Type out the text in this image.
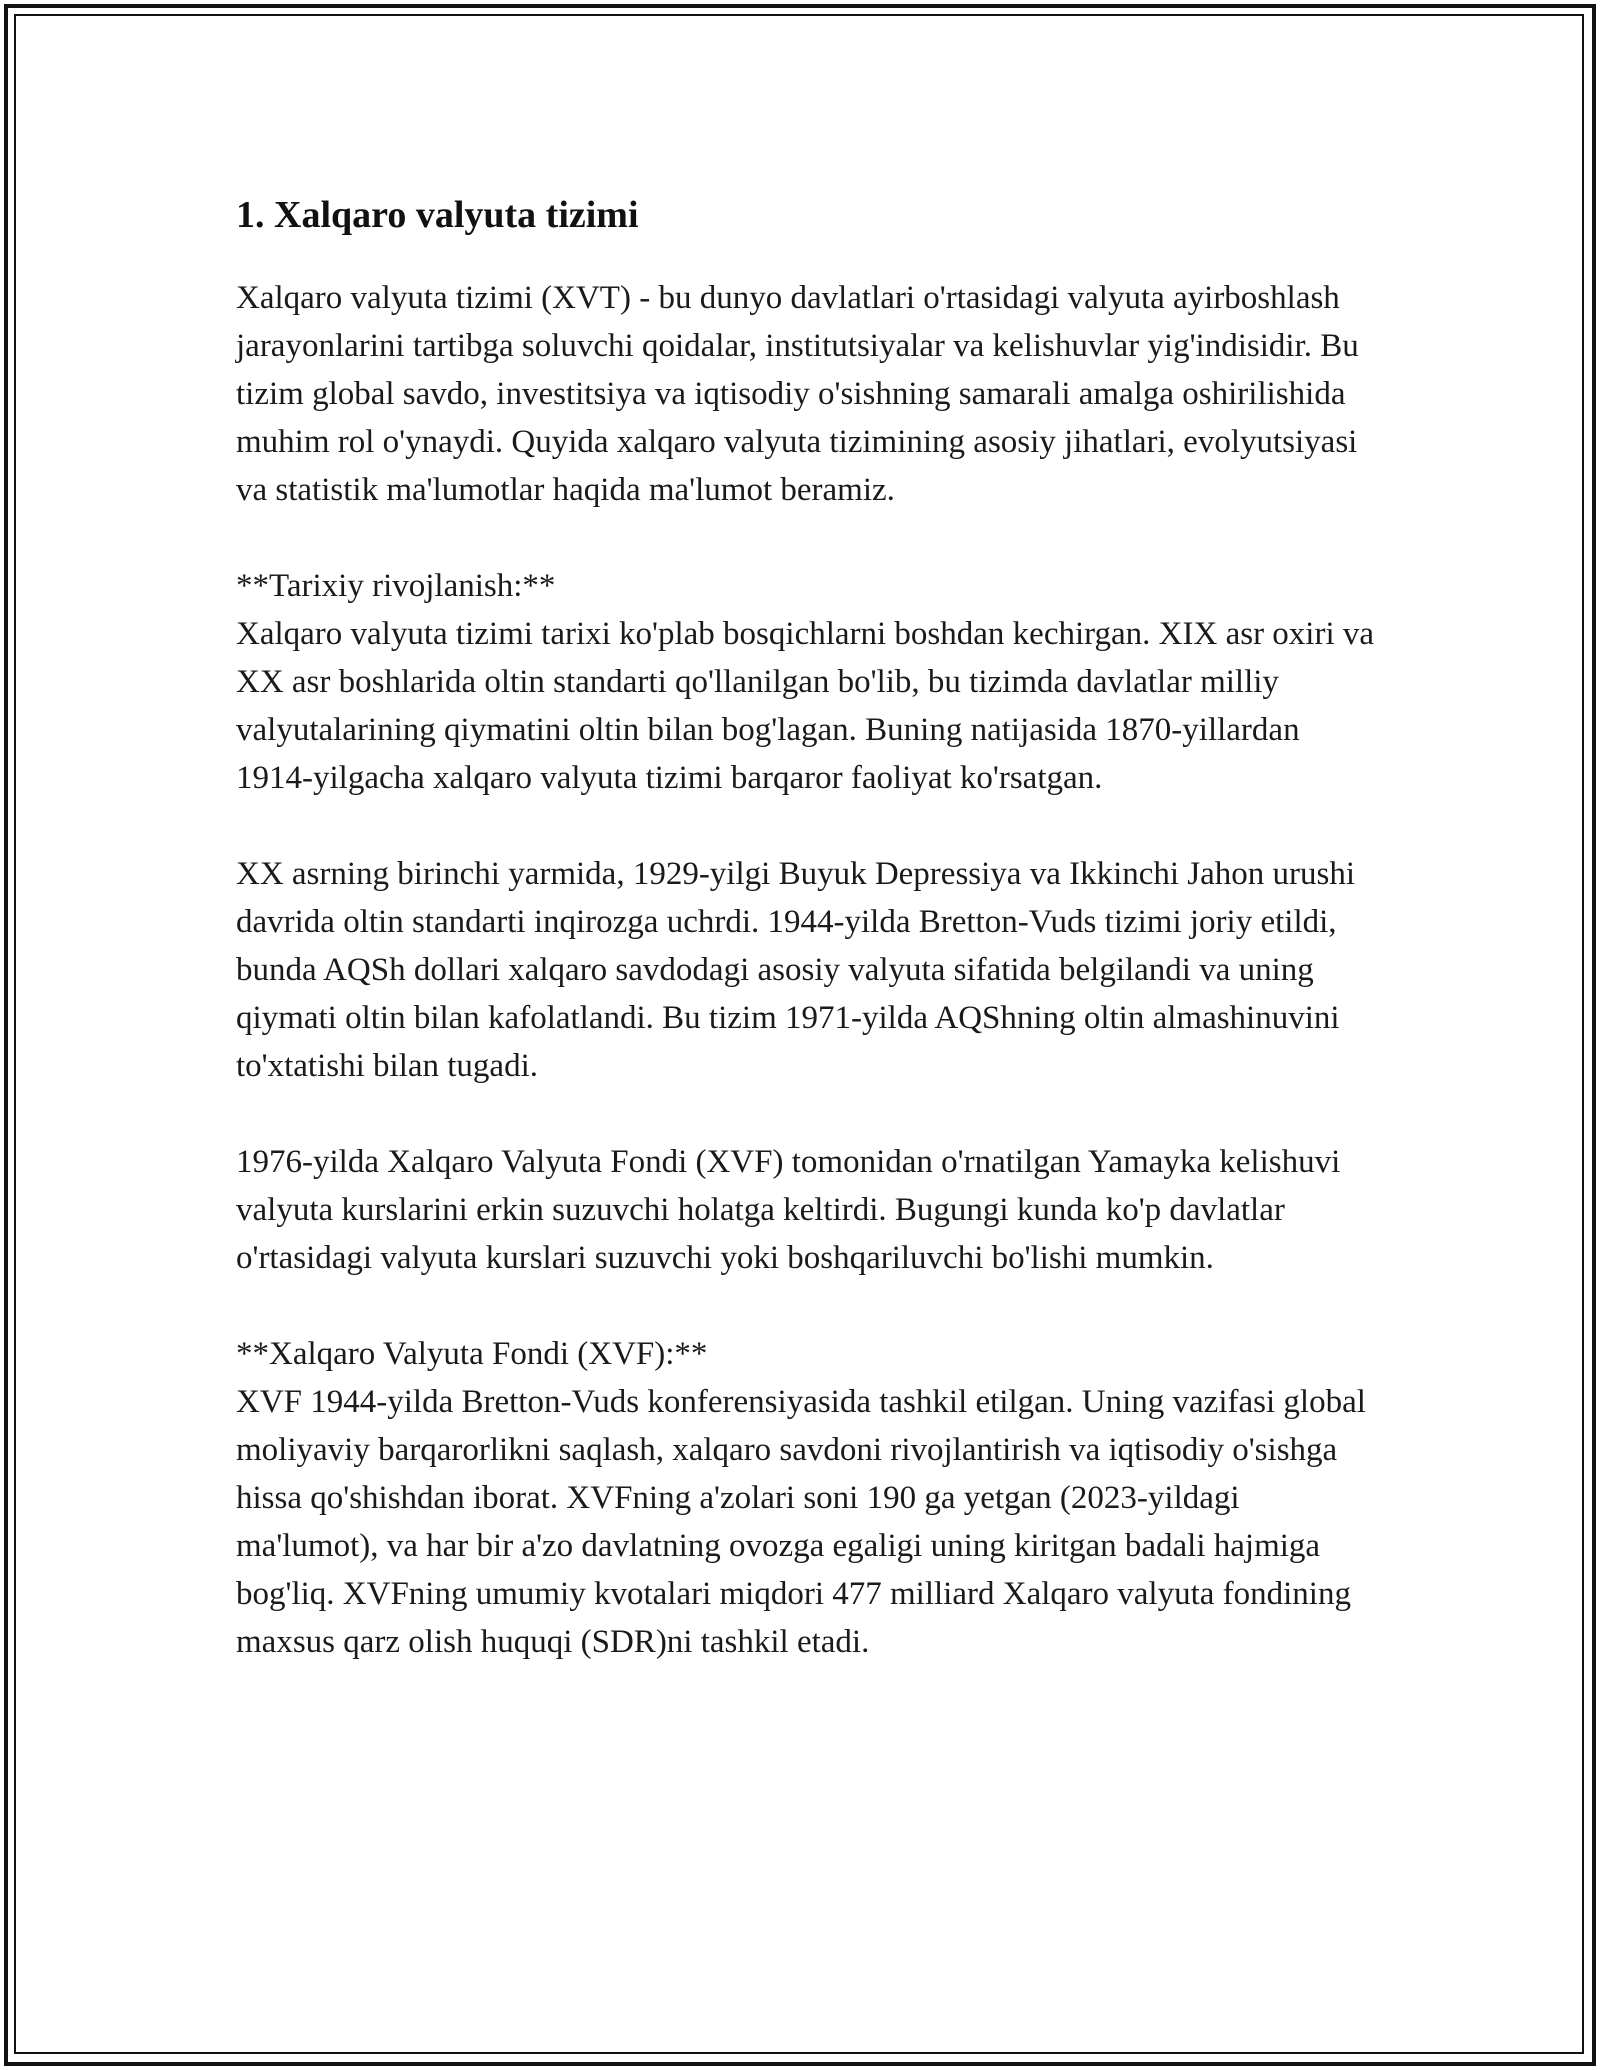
1. Xalqaro valyuta tizimi

Xalqaro valyuta tizimi (XVT) - bu dunyo davlatlari o'rtasidagi valyuta ayirboshlash jarayonlarini tartibga soluvchi qoidalar, institutsiyalar va kelishuvlar yig'indisidir. Bu tizim global savdo, investitsiya va iqtisodiy o'sishning samarali amalga oshirilishida muhim rol o'ynaydi. Quyida xalqaro valyuta tizimining asosiy jihatlari, evolyutsiyasi va statistik ma'lumotlar haqida ma'lumot beramiz.

**Tarixiy rivojlanish:**
Xalqaro valyuta tizimi tarixi ko'plab bosqichlarni boshdan kechirgan. XIX asr oxiri va XX asr boshlarida oltin standarti qo'llanilgan bo'lib, bu tizimda davlatlar milliy valyutalarining qiymatini oltin bilan bog'lagan. Buning natijasida 1870-yillardan 1914-yilgacha xalqaro valyuta tizimi barqaror faoliyat ko'rsatgan.

XX asrning birinchi yarmida, 1929-yilgi Buyuk Depressiya va Ikkinchi Jahon urushi davrida oltin standarti inqirozga uchrdi. 1944-yilda Bretton-Vuds tizimi joriy etildi, bunda AQSh dollari xalqaro savdodagi asosiy valyuta sifatida belgilandi va uning qiymati oltin bilan kafolatlandi. Bu tizim 1971-yilda AQShning oltin almashinuvini to'xtatishi bilan tugadi.

1976-yilda Xalqaro Valyuta Fondi (XVF) tomonidan o'rnatilgan Yamayka kelishuvi valyuta kurslarini erkin suzuvchi holatga keltirdi. Bugungi kunda ko'p davlatlar o'rtasidagi valyuta kurslari suzuvchi yoki boshqariluvchi bo'lishi mumkin.

**Xalqaro Valyuta Fondi (XVF):**
XVF 1944-yilda Bretton-Vuds konferensiyasida tashkil etilgan. Uning vazifasi global moliyaviy barqarorlikni saqlash, xalqaro savdoni rivojlantirish va iqtisodiy o'sishga hissa qo'shishdan iborat. XVFning a'zolari soni 190 ga yetgan (2023-yildagi ma'lumot), va har bir a'zo davlatning ovozga egaligi uning kiritgan badali hajmiga bog'liq. XVFning umumiy kvotalari miqdori 477 milliard Xalqaro valyuta fondining maxsus qarz olish huquqi (SDR)ni tashkil etadi.
